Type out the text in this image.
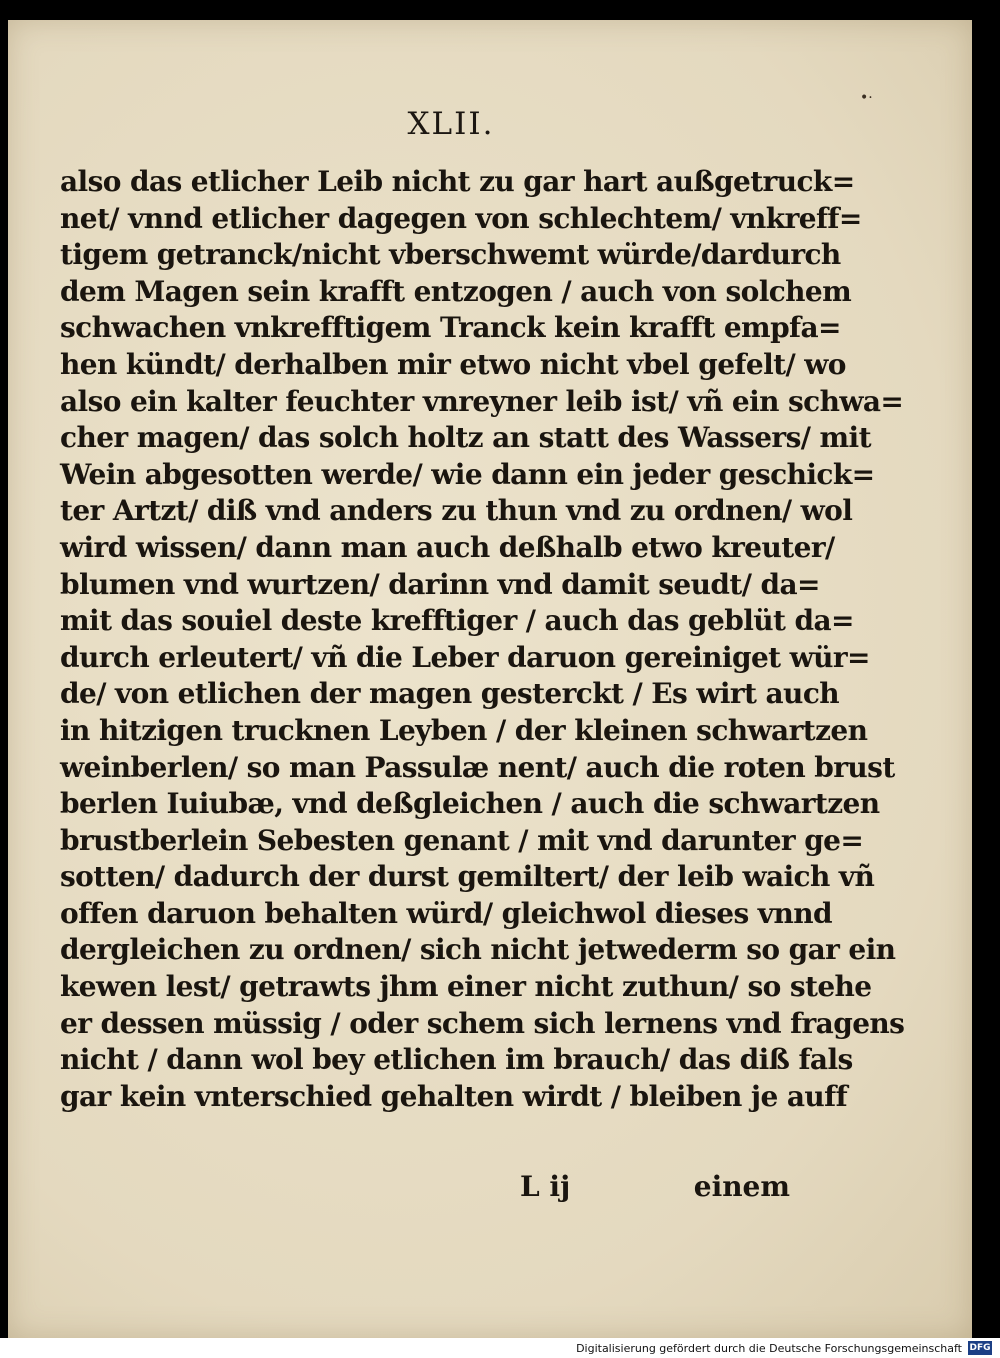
•·
XLII.
also das etlicher Leib nicht zu gar hart außgetruck=
net/ vnnd etlicher dagegen von schlechtem/ vnkreff=
tigem getranck/nicht vberschwemt würde/dardurch
dem Magen sein krafft entzogen / auch von solchem
schwachen vnkrefftigem Tranck kein krafft empfa=
hen kündt/ derhalben mir etwo nicht vbel gefelt/ wo
also ein kalter feuchter vnreyner leib ist/ vñ ein schwa=
cher magen/ das solch holtz an statt des Wassers/ mit
Wein abgesotten werde/ wie dann ein jeder geschick=
ter Artzt/ diß vnd anders zu thun vnd zu ordnen/ wol
wird wissen/ dann man auch deßhalb etwo kreuter/
blumen vnd wurtzen/ darinn vnd damit seudt/ da=
mit das souiel deste krefftiger / auch das geblüt da=
durch erleutert/ vñ die Leber daruon gereiniget wür=
de/ von etlichen der magen gesterckt / Es wirt auch
in hitzigen trucknen Leyben / der kleinen schwartzen
weinberlen/ so man Passulæ nent/ auch die roten brust
berlen Iuiubæ, vnd deßgleichen / auch die schwartzen
brustberlein Sebesten genant / mit vnd darunter ge=
sotten/ dadurch der durst gemiltert/ der leib waich vñ
offen daruon behalten würd/ gleichwol dieses vnnd
dergleichen zu ordnen/ sich nicht jetwederm so gar ein
kewen lest/ getrawts jhm einer nicht zuthun/ so stehe
er dessen müssig / oder schem sich lernens vnd fragens
nicht / dann wol bey etlichen im brauch/ das diß fals
gar kein vnterschied gehalten wirdt / bleiben je auff
L ij	einem
Digitalisierung gefördert durch die Deutsche Forschungsgemeinschaft DFG
